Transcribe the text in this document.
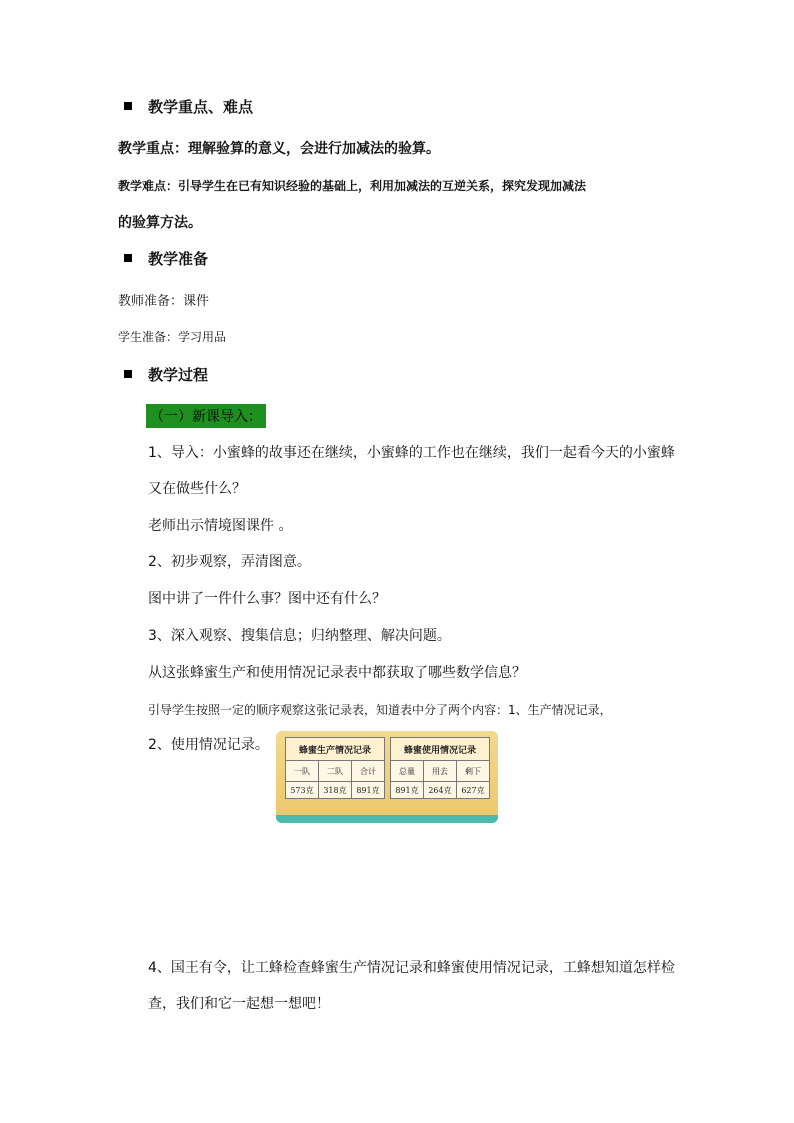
教学重点、难点
教学重点：理解验算的意义，会进行加减法的验算。
教学难点：引导学生在已有知识经验的基础上，利用加减法的互逆关系，探究发现加减法
的验算方法。
教学准备
教师准备：课件
学生准备：学习用品
教学过程
（一）新课导入：
1、导入：小蜜蜂的故事还在继续，小蜜蜂的工作也在继续，我们一起看今天的小蜜蜂
又在做些什么？
老师出示情境图课件 。
2、初步观察，弄清图意。
图中讲了一件什么事？图中还有什么？
3、深入观察、搜集信息；归纳整理、解决问题。
从这张蜂蜜生产和使用情况记录表中都获取了哪些数学信息？
引导学生按照一定的顺序观察这张记录表，知道表中分了两个内容：1、生产情况记录，
2、使用情况记录。	蜂蜜生产情况记录		
一队	二队	合计
573克	318克	891克
蜂蜜使用情况记录		
总量	用去	剩下
891克	264克	627克
4、国王有令，让工蜂检查蜂蜜生产情况记录和蜂蜜使用情况记录，工蜂想知道怎样检
查，我们和它一起想一想吧！
